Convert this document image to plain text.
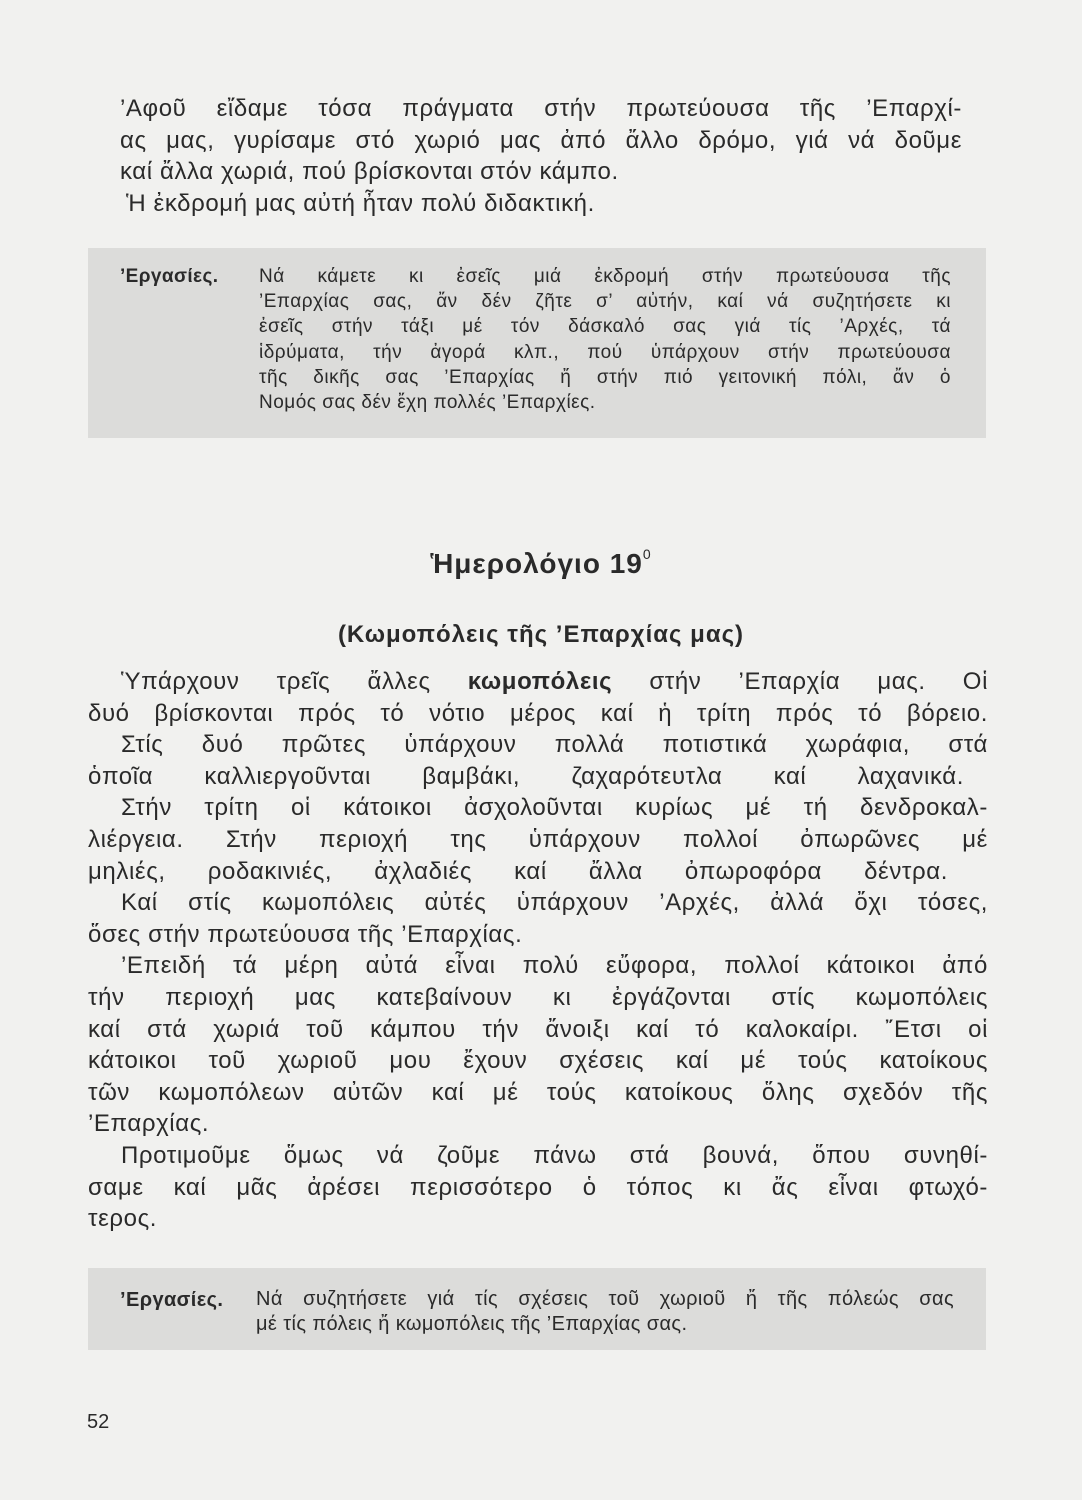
’Αφοῦ εἴδαμε τόσα πράγματα στήν πρωτεύουσα τῆς ’Επαρχί-
ας μας, γυρίσαμε στό χωριό μας ἀπό ἄλλο δρόμο, γιά νά δοῦμε
καί ἄλλα χωριά, πού βρίσκονται στόν κάμπο.
Ἡ ἐκδρομή μας αὐτή ἦταν πολύ διδακτική.
’Εργασίες. Νά κάμετε κι ἐσεῖς μιά ἐκδρομή στήν πρωτεύουσα τῆς
’Επαρχίας σας, ἄν δέν ζῆτε σ’ αὐτήν, καί νά συζητήσετε κι
ἐσεῖς στήν τάξι μέ τόν δάσκαλό σας γιά τίς ’Αρχές, τά
ἱδρύματα, τήν ἀγορά κλπ., πού ὑπάρχουν στήν πρωτεύουσα
τῆς δικῆς σας ’Επαρχίας ἤ στήν πιό γειτονική πόλι, ἄν ὁ
Νομός σας δέν ἔχη πολλές ’Επαρχίες.
Ἡμερολόγιο $19^0$
(Κωμοπόλεις τῆς ’Επαρχίας μας)
Ὑπάρχουν τρεῖς ἄλλες κωμοπόλεις στήν ’Επαρχία μας. Οἱ
δυό βρίσκονται πρός τό νότιο μέρος καί ἡ τρίτη πρός τό βόρειο.
Στίς δυό πρῶτες ὑπάρχουν πολλά ποτιστικά χωράφια, στά
ὁποῖα καλλιεργοῦνται βαμβάκι, ζαχαρότευτλα καί λαχανικά.
Στήν τρίτη οἱ κάτοικοι ἀσχολοῦνται κυρίως μέ τή δενδροκαλ-
λιέργεια. Στήν περιοχή της ὑπάρχουν πολλοί ὀπωρῶνες μέ
μηλιές, ροδακινιές, ἀχλαδιές καί ἄλλα ὀπωροφόρα δέντρα.
Καί στίς κωμοπόλεις αὐτές ὑπάρχουν ’Αρχές, ἀλλά ὄχι τόσες,
ὅσες στήν πρωτεύουσα τῆς ’Επαρχίας.
’Επειδή τά μέρη αὐτά εἶναι πολύ εὔφορα, πολλοί κάτοικοι ἀπό
τήν περιοχή μας κατεβαίνουν κι ἐργάζονται στίς κωμοπόλεις
καί στά χωριά τοῦ κάμπου τήν ἄνοιξι καί τό καλοκαίρι. ῎Ετσι οἱ
κάτοικοι τοῦ χωριοῦ μου ἔχουν σχέσεις καί μέ τούς κατοίκους
τῶν κωμοπόλεων αὐτῶν καί μέ τούς κατοίκους ὅλης σχεδόν τῆς
’Επαρχίας.
Προτιμοῦμε ὅμως νά ζοῦμε πάνω στά βουνά, ὅπου συνηθί-
σαμε καί μᾶς ἀρέσει περισσότερο ὁ τόπος κι ἄς εἶναι φτωχό-
τερος.
’Εργασίες. Νά συζητήσετε γιά τίς σχέσεις τοῦ χωριοῦ ἤ τῆς πόλεώς σας
μέ τίς πόλεις ἤ κωμοπόλεις τῆς ’Επαρχίας σας.
52
